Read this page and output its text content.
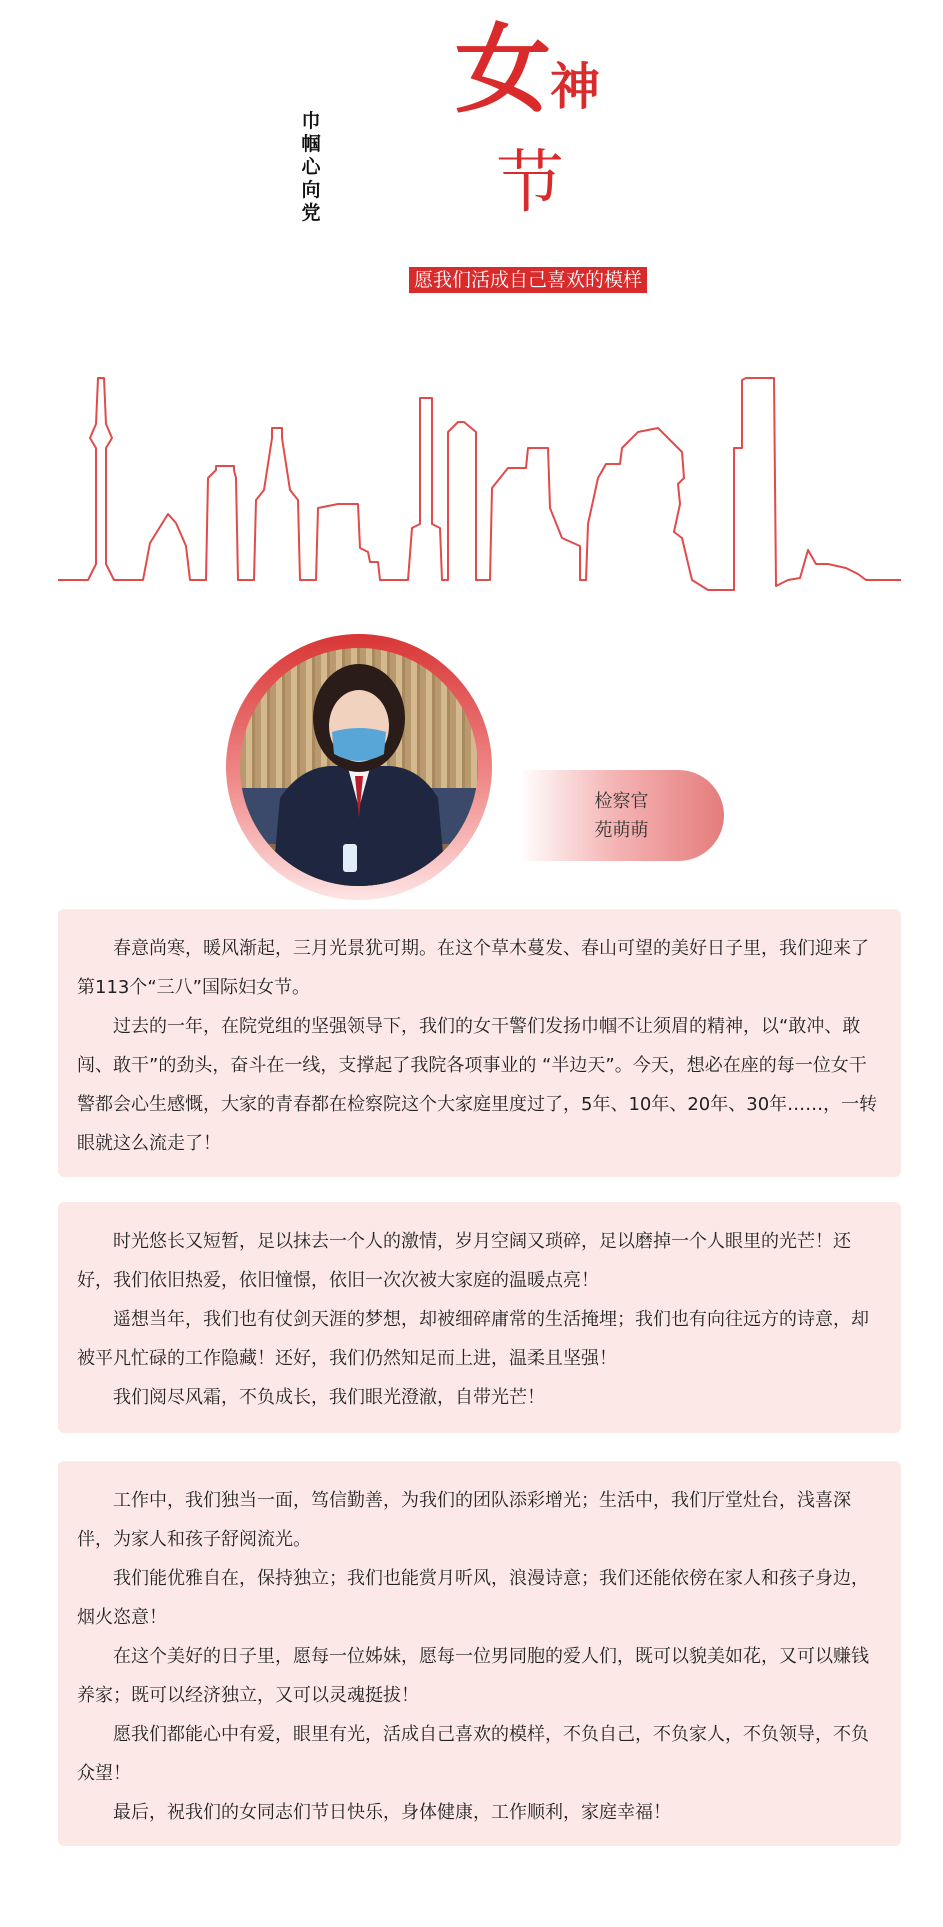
巾帼心向党
女 神
节
愿我们活成自己喜欢的模样
检察官
苑萌萌

春意尚寒，暖风渐起，三月光景犹可期。在这个草木蔓发、春山可望的美好日子里，我们迎来了第113个“三八”国际妇女节。

过去的一年，在院党组的坚强领导下，我们的女干警们发扬巾帼不让须眉的精神，以“敢冲、敢闯、敢干”的劲头，奋斗在一线，支撑起了我院各项事业的 “半边天”。今天，想必在座的每一位女干警都会心生感慨，大家的青春都在检察院这个大家庭里度过了，5年、10年、20年、30年……，一转眼就这么流走了！

时光悠长又短暂，足以抹去一个人的激情，岁月空阔又琐碎，足以磨掉一个人眼里的光芒！还好，我们依旧热爱，依旧憧憬，依旧一次次被大家庭的温暖点亮！

遥想当年，我们也有仗剑天涯的梦想，却被细碎庸常的生活掩埋；我们也有向往远方的诗意，却被平凡忙碌的工作隐藏！还好，我们仍然知足而上进，温柔且坚强！

我们阅尽风霜，不负成长，我们眼光澄澈，自带光芒！

工作中，我们独当一面，笃信勤善，为我们的团队添彩增光；生活中，我们厅堂灶台，浅喜深伴，为家人和孩子舒阅流光。

我们能优雅自在，保持独立；我们也能赏月听风，浪漫诗意；我们还能依傍在家人和孩子身边，烟火恣意！

在这个美好的日子里，愿每一位姊妹，愿每一位男同胞的爱人们，既可以貌美如花，又可以赚钱养家；既可以经济独立，又可以灵魂挺拔！

愿我们都能心中有爱，眼里有光，活成自己喜欢的模样，不负自己，不负家人，不负领导，不负众望！

最后，祝我们的女同志们节日快乐，身体健康，工作顺利，家庭幸福！
